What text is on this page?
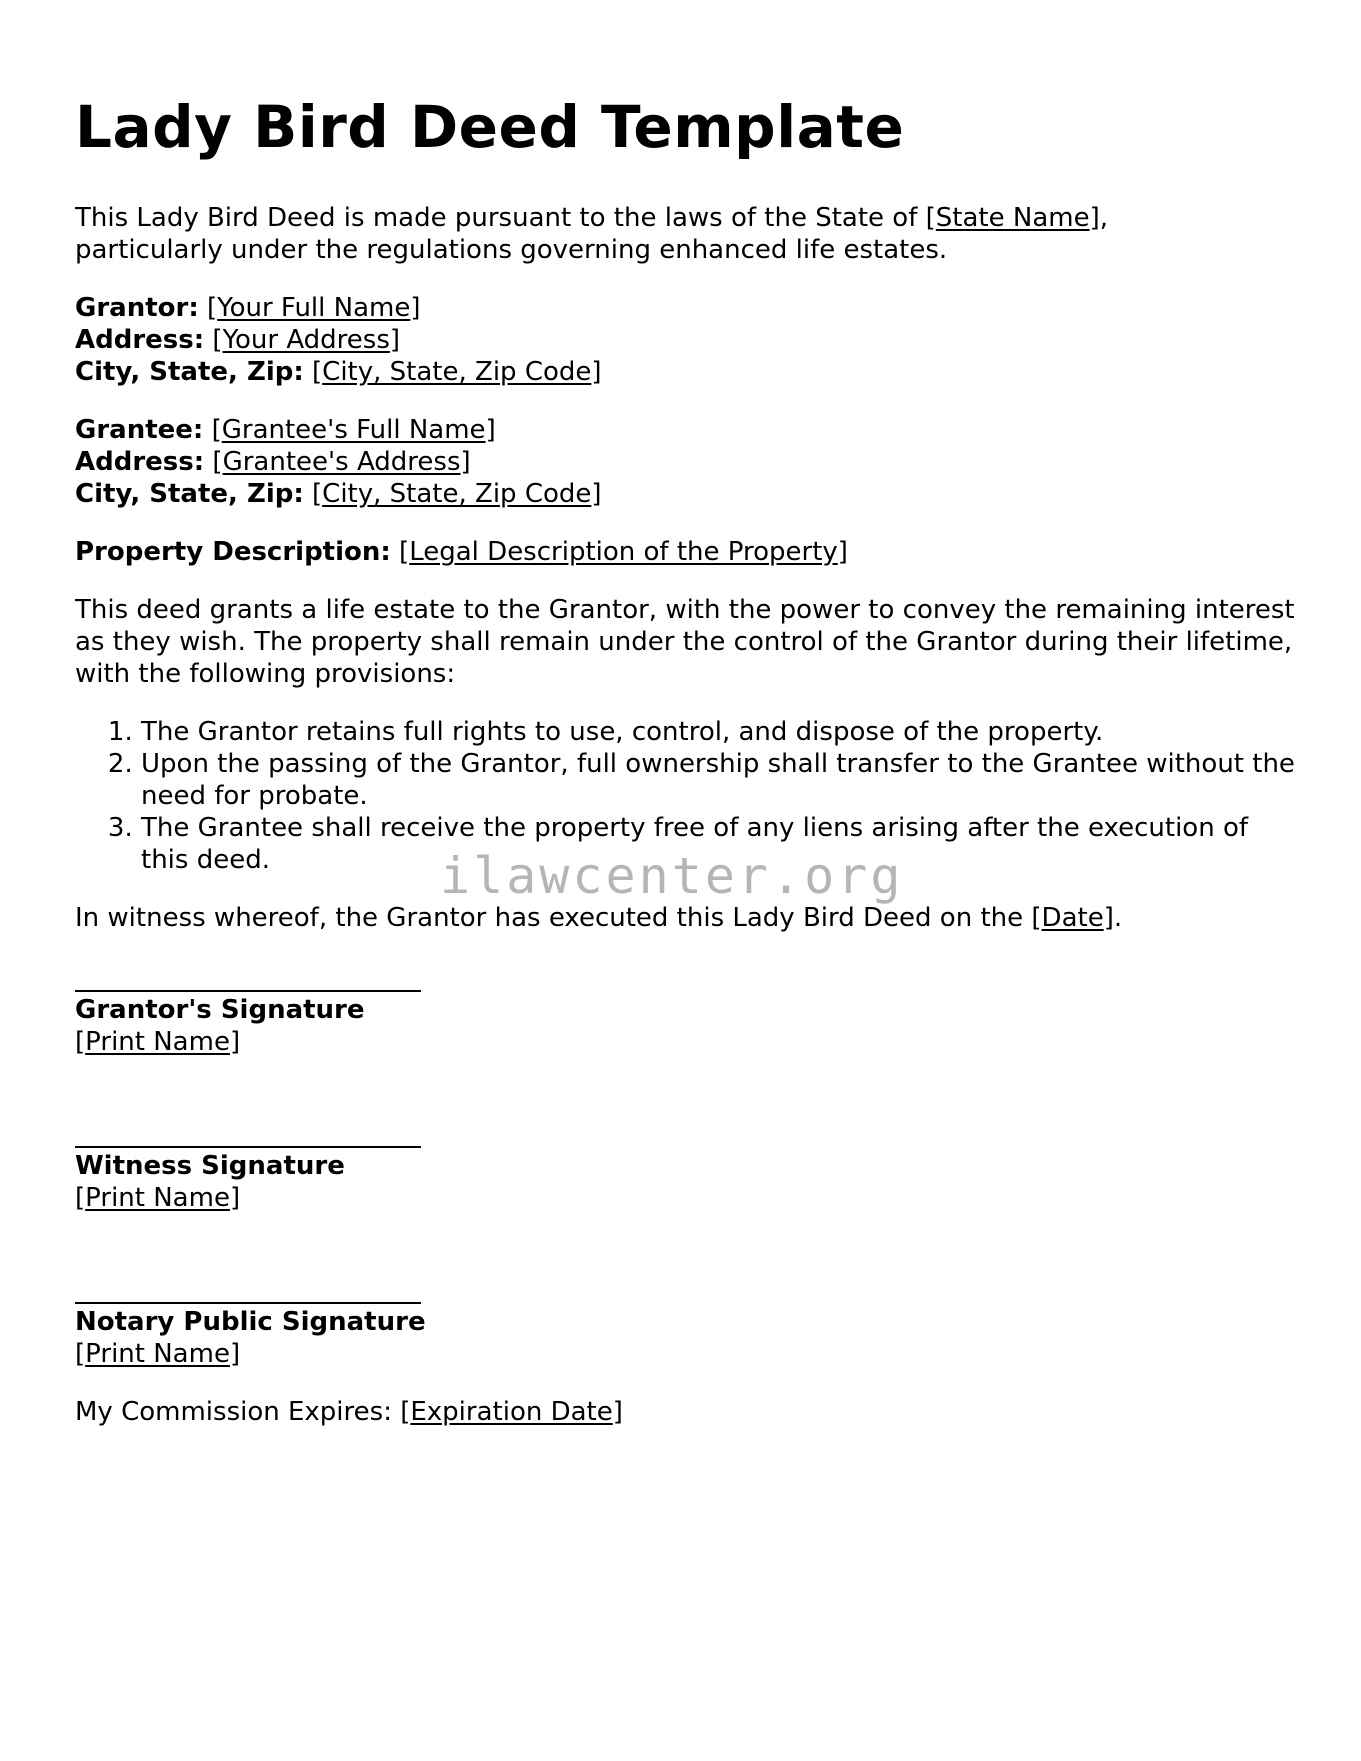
Lady Bird Deed Template

This Lady Bird Deed is made pursuant to the laws of the State of [State Name],
particularly under the regulations governing enhanced life estates.

Grantor: [Your Full Name]
Address: [Your Address]
City, State, Zip: [City, State, Zip Code]
Grantee: [Grantee's Full Name]
Address: [Grantee's Address]
City, State, Zip: [City, State, Zip Code]

Property Description: [Legal Description of the Property]

This deed grants a life estate to the Grantor, with the power to convey the remaining interest as they wish. The property shall remain under the control of the Grantor during their lifetime, with the following provisions:

1. The Grantor retains full rights to use, control, and dispose of the property.
2. Upon the passing of the Grantor, full ownership shall transfer to the Grantee without the need for probate.
3. The Grantee shall receive the property free of any liens arising after the execution of this deed.

In witness whereof, the Grantor has executed this Lady Bird Deed on the [Date].

Grantor's Signature
[Print Name]
Witness Signature
[Print Name]
Notary Public Signature
[Print Name]

My Commission Expires: [Expiration Date]

ilawcenter.org
